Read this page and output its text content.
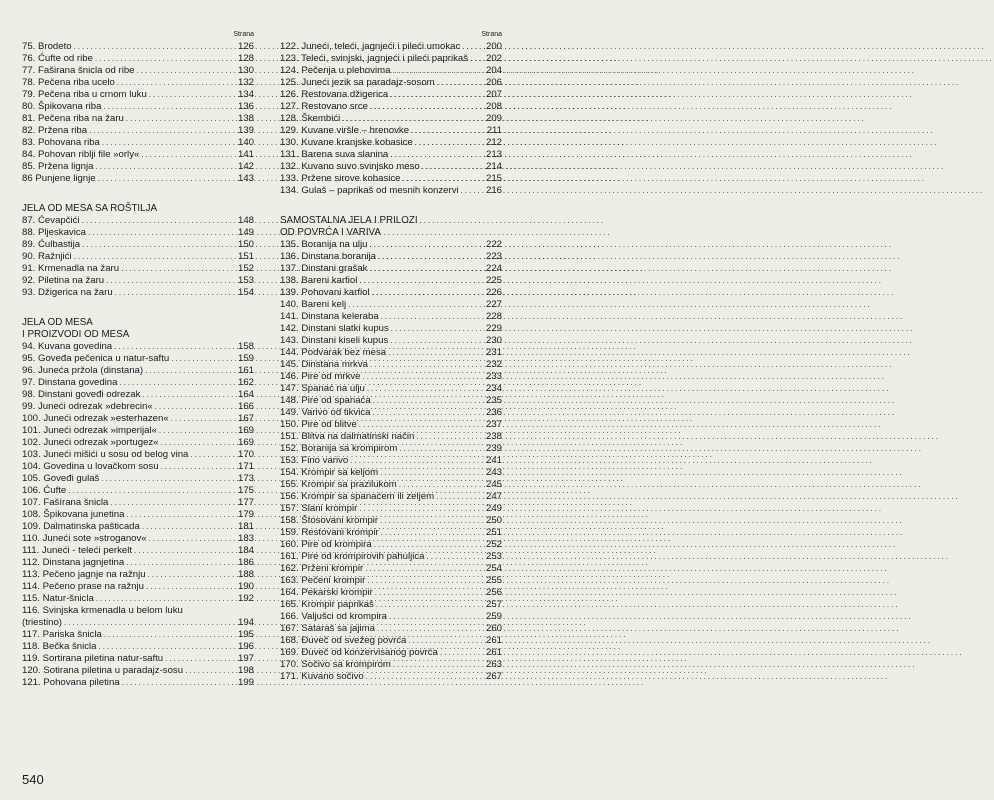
Strana
75. Brodeto .....	126
76. Ćufte od ribe .....	128
77. Faširana šnicla od ribe .....	130
78. Pečena riba ucelo .....	132
79. Pečena riba u crnom luku .....	134
80. Špikovana riba .....	136
81. Pečena riba na žaru .....	138
82. Pržena riba .....	139
83. Pohovana riba .....	140
84. Pohovan riblji file »orly« .....	141
85. Pržena lignja .....	142
86 Punjene lignje .....	143
JELA OD MESA SA ROŠTILJA
87. Ćevapčići .....	148
88. Pljeskavica .....	149
89. Ćulbastija .....	150
90. Ražnjići .....	151
91. Krmenadla na žaru .....	152
92. Piletina na žaru .....	153
93. Džigerica na žaru .....	154
JELA OD MESA
I PROIZVODI OD MESA
94. Kuvana govedina .....	158
95. Goveđa pečenica u natur-saftu .....	159
96. Juneća pržola (dinstana) .....	161
97. Dinstana govedina .....	162
98. Dinstani goveđi odrezak .....	164
99. Juneći odrezak »debrecin« .....	166
100. Juneći odrezak »esterhazen« .....	167
101. Juneći odrezak »imperijal« .....	169
102. Juneći odrezak »portugez« .....	169
103. Juneći mišići u sosu od belog vina .....	170
104. Govedina u lovačkom sosu .....	171
105. Goveđi gulaš .....	173
106. Ćufte .....	175
107. Fašírana šnicla .....	177
108. Špikovana junetina .....	179
109. Dalmatinska pašticada .....	181
110. Juneći sote »stroganov« .....	183
111. Juneći - teleći perkelt .....	184
112. Dinstana jagnjetina .....	186
113. Pečeno jagnje na ražnju .....	188
114. Pečeno prase na ražnju .....	190
115. Natur-šnicla .....	192
116. Svinjska krmenadla u belom luku
(triestino) .....	194
117. Pariska šnicla .....	195
118. Bečka šnicla .....	196
119. Sortirana piletina natur-saftu .....	197
120. Sotirana piletina u paradajz-sosu .....	198
121. Pohovana piletina .....	199
Strana
122. Juneći, teleći, jagnjeći i pileći umokac .....	200
123. Teleći, svinjski, jagnjeći i pileći paprikaš ..... 202
124. Pečenja u plehovima .....	204
125. Juneći jezik sa paradajz-sosom .....	206
126. Restovana džigerica .....	207
127. Restovano srce .....	208
128. Škembići .....	209
129. Kuvane viršle – hrenovke .....	211
130. Kuvane kranjske kobasice .....	212
131. Barena suva slanina .....	213
132. Kuvano suvo svinjsko meso .....	214
133. Pržene sirove kobasice .....	215
134. Gulaš – paprikaš od mesnih konzervi .....	216
SAMOSTALNA JELA I PRILOZI
OD POVRĆA I VARIVA
135. Boranija na ulju .....	222
136. Dinstana boranija .....	223
137. Dinstani grašak .....	224
138. Bareni karfiol .....	225
139. Pohovani karfiol .....	226
140. Bareni kelj .....	227
141. Dinstana keleraba .....	228
142. Dinstani slatki kupus .....	229
143. Dinstani kiseli kupus .....	230
144. Podvarak bez mesa .....	231
145. Dinstana mrkva .....	232
146. Pire od mrkve .....	233
147. Spanać na ulju .....	234
148. Pire od spanaća .....	235
149. Varivo od tikvica .....	236
150. Pire od blitve .....	237
151. Blitva na dalmatinski način .....	238
152. Boranija sa krompirom .....	239
153. Fino varivo .....	241
154. Krompir sa keljom .....	243
155. Krompir sa prazilukom .....	245
156. Krompir sa spanaćem ili zeljem .....	247
157. Slani krompir .....	249
158. Štosovani krompir .....	250
159. Restovani krompir .....	251
160. Pire od krompira .....	252
161. Pire od krompirovih pahuljica .....	253
162. Prženi krompir .....	254
163. Pečeni krompir .....	255
164. Pekarski krompir .....	256
165. Krompir paprikaš .....	257
166. Valjušci od krompira .....	259
167. Sataraš sa jajima .....	260
168. Đuveč od svežeg povrća .....	261
169. Đuveč od konzervisanog povrća .....	261
170. Sočivo sa krompirom .....	263
171. Kuvano sočivo .....	267
540
